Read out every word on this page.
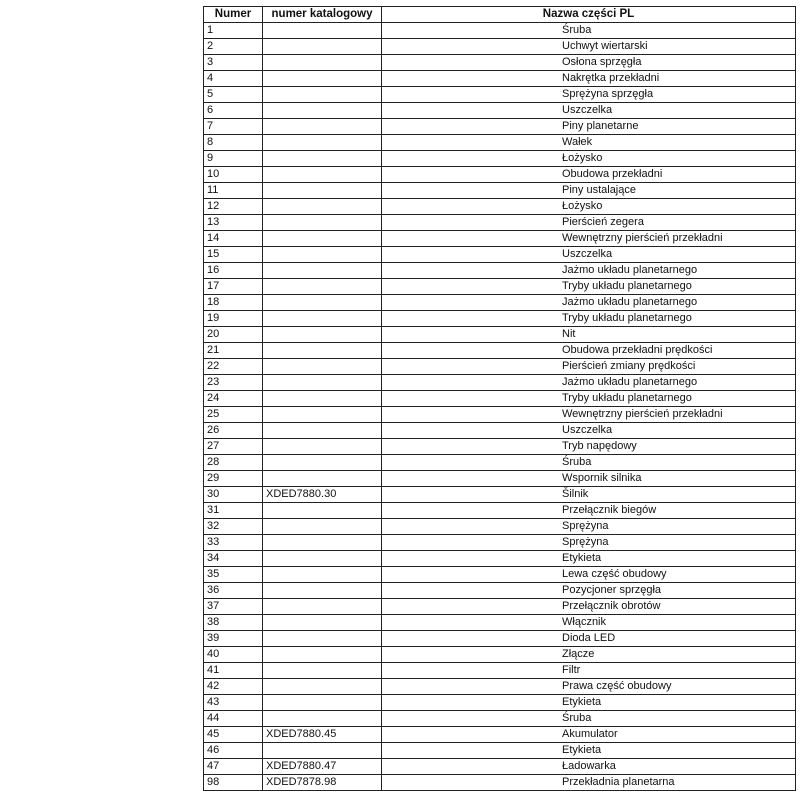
Numer	numer katalogowy	Nazwa części PL
1		Śruba
2		Uchwyt wiertarski
3		Osłona sprzęgła
4		Nakrętka przekładni
5		Sprężyna sprzęgła
6		Uszczelka
7		Piny planetarne
8		Wałek
9		Łożysko
10		Obudowa przekładni
11		Piny ustalające
12		Łożysko
13		Pierścień zegera
14		Wewnętrzny pierścień przekładni
15		Uszczelka
16		Jażmo układu planetarnego
17		Tryby układu planetarnego
18		Jażmo układu planetarnego
19		Tryby układu planetarnego
20		Nit
21		Obudowa przekładni prędkości
22		Pierścień zmiany prędkości
23		Jażmo układu planetarnego
24		Tryby układu planetarnego
25		Wewnętrzny pierścień przekładni
26		Uszczelka
27		Tryb napędowy
28		Śruba
29		Wspornik silnika
30	XDED7880.30	Šilnik
31		Przełącznik biegów
32		Sprężyna
33		Sprężyna
34		Etykieta
35		Lewa część obudowy
36		Pozycjoner sprzęgła
37		Przełącznik obrotów
38		Włącznik
39		Dioda LED
40		Złącze
41		Filtr
42		Prawa część obudowy
43		Etykieta
44		Śruba
45	XDED7880.45	Akumulator
46		Etykieta
47	XDED7880.47	Ładowarka
98	XDED7878.98	Przekładnia planetarna
